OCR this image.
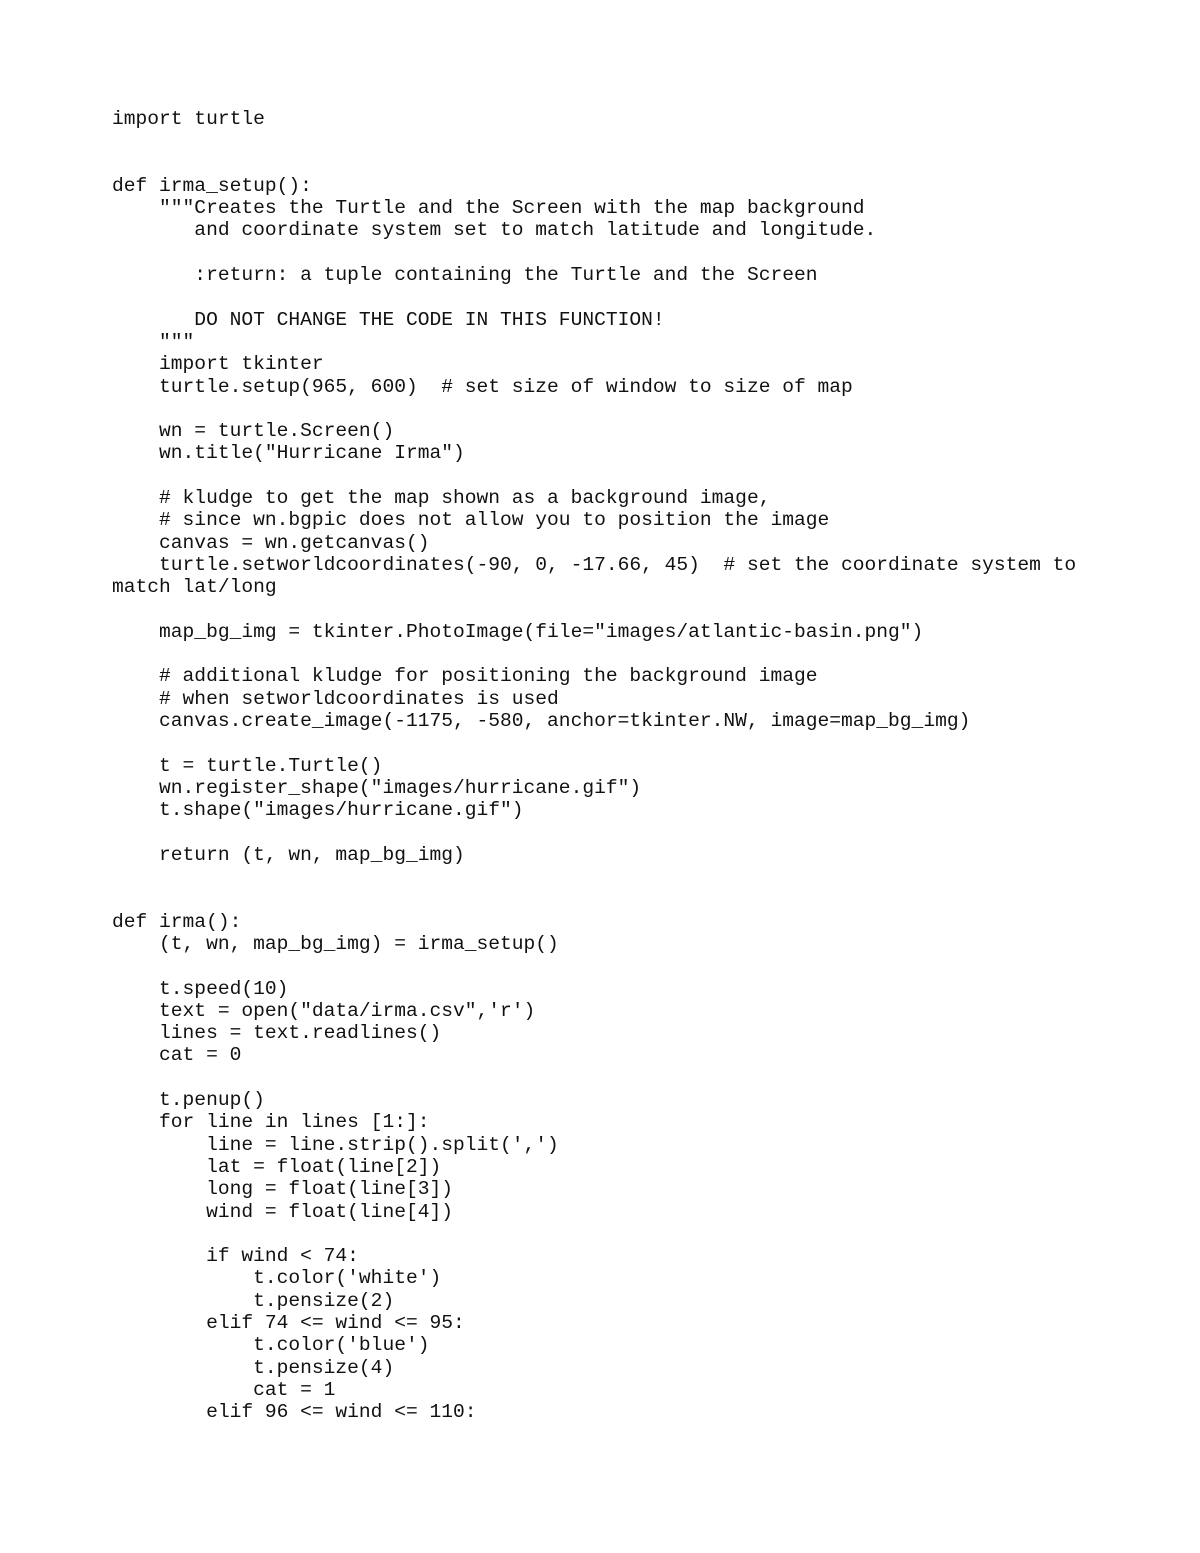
import turtle
def irma_setup():
"""Creates the Turtle and the Screen with the map background
and coordinate system set to match latitude and longitude.
:return: a tuple containing the Turtle and the Screen
DO NOT CHANGE THE CODE IN THIS FUNCTION!
"""
import tkinter
turtle.setup(965, 600)  # set size of window to size of map
wn = turtle.Screen()
wn.title("Hurricane Irma")
# kludge to get the map shown as a background image,
# since wn.bgpic does not allow you to position the image
canvas = wn.getcanvas()
turtle.setworldcoordinates(-90, 0, -17.66, 45)  # set the coordinate system to
match lat/long
map_bg_img = tkinter.PhotoImage(file="images/atlantic-basin.png")
# additional kludge for positioning the background image
# when setworldcoordinates is used
canvas.create_image(-1175, -580, anchor=tkinter.NW, image=map_bg_img)
t = turtle.Turtle()
wn.register_shape("images/hurricane.gif")
t.shape("images/hurricane.gif")
return (t, wn, map_bg_img)
def irma():
(t, wn, map_bg_img) = irma_setup()
t.speed(10)
text = open("data/irma.csv",'r')
lines = text.readlines()
cat = 0
t.penup()
for line in lines [1:]:
line = line.strip().split(',')
lat = float(line[2])
long = float(line[3])
wind = float(line[4])
if wind < 74:
t.color('white')
t.pensize(2)
elif 74 <= wind <= 95:
t.color('blue')
t.pensize(4)
cat = 1
elif 96 <= wind <= 110:
